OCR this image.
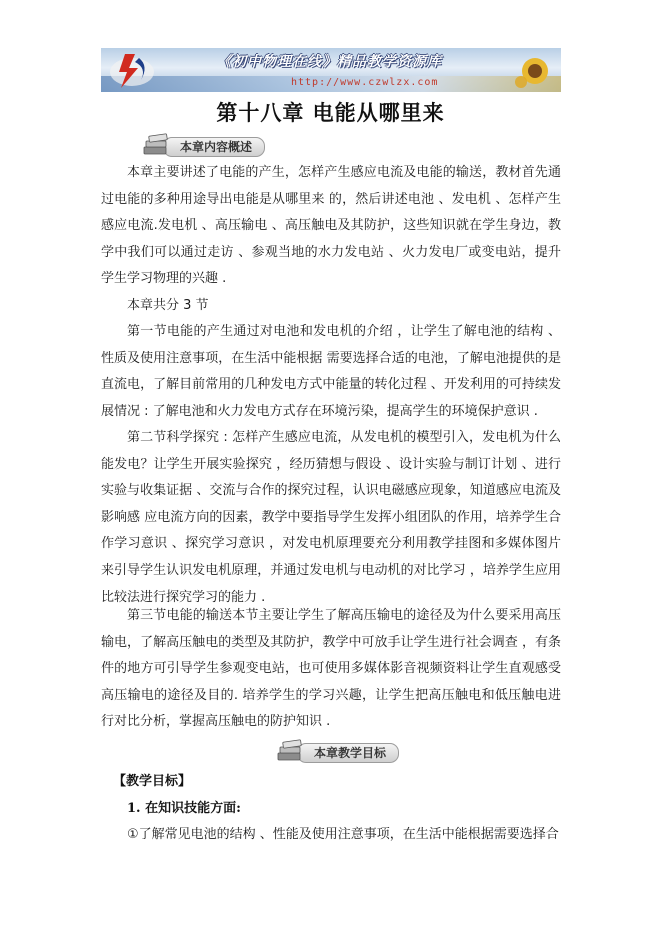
《初中物理在线》精品教学资源库
http://www.czwlzx.com
第十八章 电能从哪里来
本章内容概述
本章主要讲述了电能的产生，怎样产生感应电流及电能的输送，教材首先通过电能的多种用途导出电能是从哪里来 的，然后讲述电池 、发电机 、怎样产生感应电流.发电机 、高压输电 、高压触电及其防护，这些知识就在学生身边，教学中我们可以通过走访 、参观当地的水力发电站 、火力发电厂或变电站，提升学生学习物理的兴趣 .
本章共分 3 节
第一节电能的产生通过对电池和发电机的介绍 ，让学生了解电池的结构 、性质及使用注意事项，在生活中能根据 需要选择合适的电池，了解电池提供的是直流电，了解目前常用的几种发电方式中能量的转化过程 、开发利用的可持续发展情况 : 了解电池和火力发电方式存在环境污染，提高学生的环境保护意识 .
第二节科学探究 : 怎样产生感应电流，从发电机的模型引入，发电机为什么能发电？让学生开展实验探究 ，经历猜想与假设 、设计实验与制订计划 、进行实验与收集证据 、交流与合作的探究过程，认识电磁感应现象，知道感应电流及影响感 应电流方向的因素，教学中要指导学生发挥小组团队的作用，培养学生合作学习意识 、探究学习意识 ，对发电机原理要充分利用教学挂图和多媒体图片来引导学生认识发电机原理，并通过发电机与电动机的对比学习 ，培养学生应用比较法进行探究学习的能力 .
第三节电能的输送本节主要让学生了解高压输电的途径及为什么要采用高压输电，了解高压触电的类型及其防护，教学中可放手让学生进行社会调查 ，有条件的地方可引导学生参观变电站，也可使用多媒体影音视频资料让学生直观感受高压输电的途径及目的. 培养学生的学习兴趣，让学生把高压触电和低压触电进行对比分析，掌握高压触电的防护知识 .
本章教学目标
【教学目标】
1. 在知识技能方面:
①了解常见电池的结构 、性能及使用注意事项，在生活中能根据需要选择合
